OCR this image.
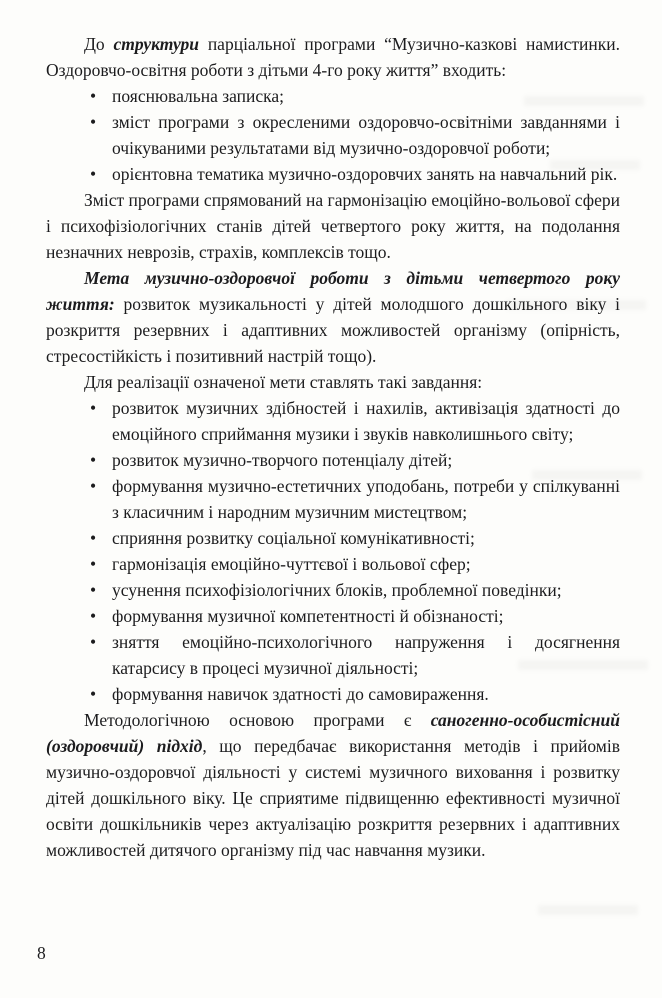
До структури парціальної програми “Музично-казкові намистинки. Оздоровчо-освітня роботи з дітьми 4-го року життя” входить:

• пояснювальна записка;
• зміст програми з окресленими оздоровчо-освітніми завданнями і очікуваними результатами від музично-оздоровчої роботи;
• орієнтовна тематика музично-оздоровчих занять на навчальний рік.

Зміст програми спрямований на гармонізацію емоційно-вольової сфери і психофізіологічних станів дітей четвертого року життя, на подолання незначних неврозів, страхів, комплексів тощо.

Мета музично-оздоровчої роботи з дітьми четвертого року життя: розвиток музикальності у дітей молодшого дошкільного віку і розкриття резервних і адаптивних можливостей організму (опірність, стресостійкість і позитивний настрій тощо).

Для реалізації означеної мети ставлять такі завдання:

• розвиток музичних здібностей і нахилів, активізація здатності до емоційного сприймання музики і звуків навколишнього світу;
• розвиток музично-творчого потенціалу дітей;
• формування музично-естетичних уподобань, потреби у спілкуванні з класичним і народним музичним мистецтвом;
• сприяння розвитку соціальної комунікативності;
• гармонізація емоційно-чуттєвої і вольової сфер;
• усунення психофізіологічних блоків, проблемної поведінки;
• формування музичної компетентності й обізнаності;
• зняття емоційно-психологічного напруження і досягнення катарсису в процесі музичної діяльності;
• формування навичок здатності до самовираження.

Методологічною основою програми є саногенно-особистісний (оздоровчий) підхід, що передбачає використання методів і прийомів музично-оздоровчої діяльності у системі музичного виховання і розвитку дітей дошкільного віку. Це сприятиме підвищенню ефективності музичної освіти дошкільників через актуалізацію розкриття резервних і адаптивних можливостей дитячого організму під час навчання музики.

8
